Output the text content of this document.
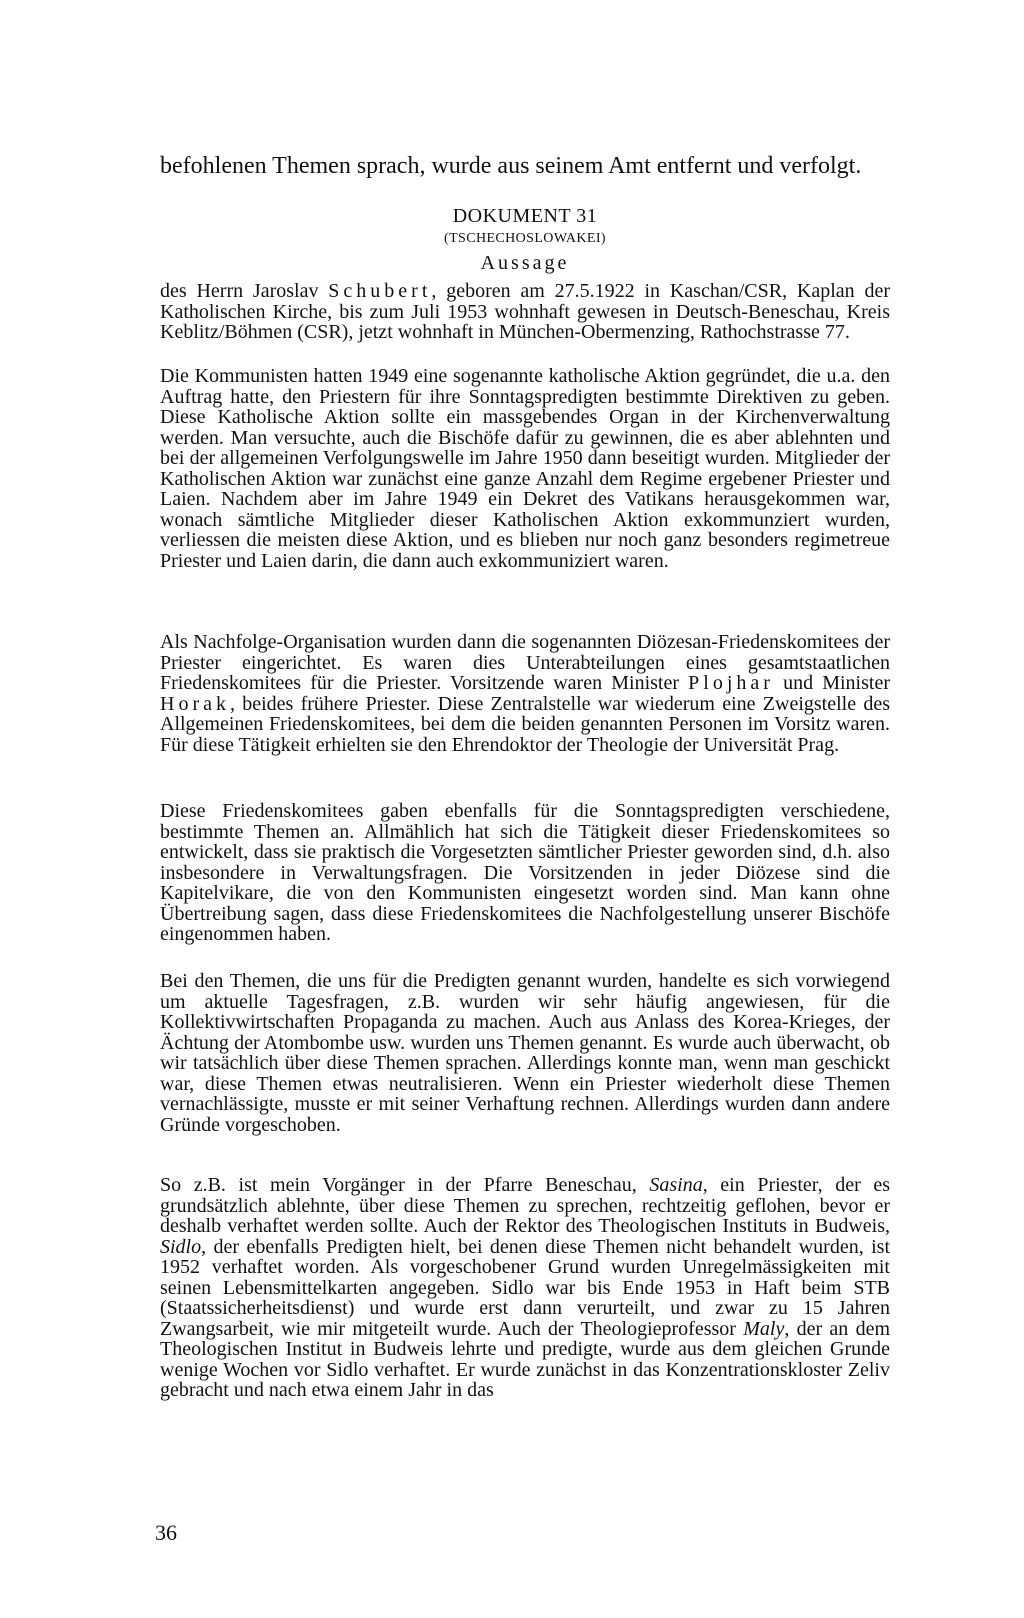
befohlenen Themen sprach, wurde aus seinem Amt entfernt und verfolgt.

DOKUMENT 31
(TSCHECHOSLOWAKEI)
Aussage

des Herrn Jaroslav Schubert, geboren am 27.5.1922 in Kaschan/CSR, Kaplan der Katholischen Kirche, bis zum Juli 1953 wohnhaft gewesen in Deutsch-Beneschau, Kreis Keblitz/Böhmen (CSR), jetzt wohnhaft in München-Obermenzing, Rathochstrasse 77.

Die Kommunisten hatten 1949 eine sogenannte katholische Aktion gegründet, die u.a. den Auftrag hatte, den Priestern für ihre Sonntagspredigten bestimmte Direktiven zu geben. Diese Katholische Aktion sollte ein massgebendes Organ in der Kirchenverwaltung werden. Man versuchte, auch die Bischöfe dafür zu gewinnen, die es aber ablehnten und bei der allgemeinen Verfolgungswelle im Jahre 1950 dann beseitigt wurden. Mitglieder der Katholischen Aktion war zunächst eine ganze Anzahl dem Regime ergebener Priester und Laien. Nachdem aber im Jahre 1949 ein Dekret des Vatikans herausgekommen war, wonach sämtliche Mitglieder dieser Katholischen Aktion exkommunziert wurden, verliessen die meisten diese Aktion, und es blieben nur noch ganz besonders regimetreue Priester und Laien darin, die dann auch exkommuniziert waren.

Als Nachfolge-Organisation wurden dann die sogenannten Diözesan-Friedenskomitees der Priester eingerichtet. Es waren dies Unterabteilungen eines gesamtstaatlichen Friedenskomitees für die Priester. Vorsitzende waren Minister Plojhar und Minister Horak, beides frühere Priester. Diese Zentralstelle war wiederum eine Zweigstelle des Allgemeinen Friedenskomitees, bei dem die beiden genannten Personen im Vorsitz waren. Für diese Tätigkeit erhielten sie den Ehrendoktor der Theologie der Universität Prag.

Diese Friedenskomitees gaben ebenfalls für die Sonntagspredigten verschiedene, bestimmte Themen an. Allmählich hat sich die Tätigkeit dieser Friedenskomitees so entwickelt, dass sie praktisch die Vorgesetzten sämtlicher Priester geworden sind, d.h. also insbesondere in Verwaltungsfragen. Die Vorsitzenden in jeder Diözese sind die Kapitelvikare, die von den Kommunisten eingesetzt worden sind. Man kann ohne Übertreibung sagen, dass diese Friedenskomitees die Nachfolgestellung unserer Bischöfe eingenommen haben.

Bei den Themen, die uns für die Predigten genannt wurden, handelte es sich vorwiegend um aktuelle Tagesfragen, z.B. wurden wir sehr häufig angewiesen, für die Kollektivwirtschaften Propaganda zu machen. Auch aus Anlass des Korea-Krieges, der Ächtung der Atombombe usw. wurden uns Themen genannt. Es wurde auch überwacht, ob wir tatsächlich über diese Themen sprachen. Allerdings konnte man, wenn man geschickt war, diese Themen etwas neutralisieren. Wenn ein Priester wiederholt diese Themen vernachlässigte, musste er mit seiner Verhaftung rechnen. Allerdings wurden dann andere Gründe vorgeschoben.

So z.B. ist mein Vorgänger in der Pfarre Beneschau, Sasina, ein Priester, der es grundsätzlich ablehnte, über diese Themen zu sprechen, rechtzeitig geflohen, bevor er deshalb verhaftet werden sollte. Auch der Rektor des Theologischen Instituts in Budweis, Sidlo, der ebenfalls Predigten hielt, bei denen diese Themen nicht behandelt wurden, ist 1952 verhaftet worden. Als vorgeschobener Grund wurden Unregelmässigkeiten mit seinen Lebensmittelkarten angegeben. Sidlo war bis Ende 1953 in Haft beim STB (Staatssicherheitsdienst) und wurde erst dann verurteilt, und zwar zu 15 Jahren Zwangsarbeit, wie mir mitgeteilt wurde. Auch der Theologieprofessor Maly, der an dem Theologischen Institut in Budweis lehrte und predigte, wurde aus dem gleichen Grunde wenige Wochen vor Sidlo verhaftet. Er wurde zunächst in das Konzentrationskloster Zeliv gebracht und nach etwa einem Jahr in das

36
